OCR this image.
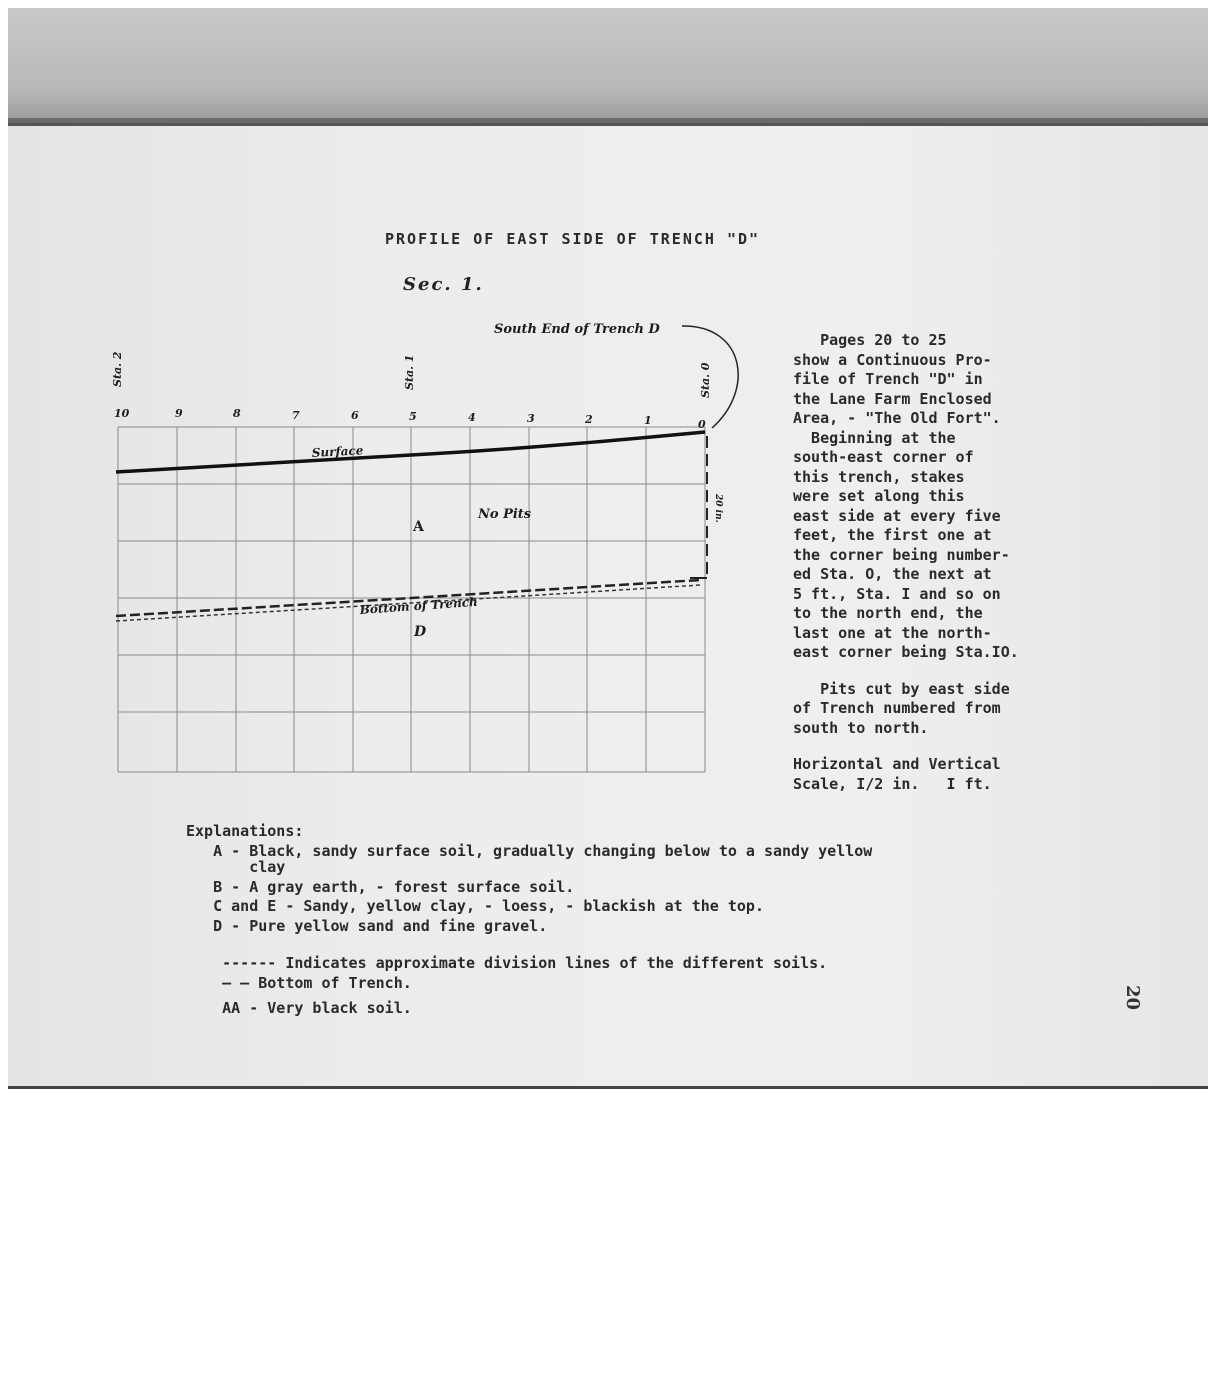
PROFILE OF EAST SIDE OF TRENCH "D"
Sec. 1.
South End of Trench D
Sta. 2	Sta. 1	Sta. 0
10	9	8	7	6	5	4	3	2	1	0
Surface
Bottom of Trench
No Pits
A
D
20 in.

Pages 20 to 25

show a Continuous Pro-

file of Trench "D" in

the Lane Farm Enclosed

Area, - "The Old Fort".

Beginning at the

south-east corner of

this trench, stakes

were set along this

east side at every five

feet, the first one at

the corner being number-

ed Sta. O, the next at

5 ft., Sta. I and so on

to the north end, the

last one at the north-

east corner being Sta.IO.

Pits cut by east side

of Trench numbered from

south to north.

Horizontal and Vertical

Scale, I/2 in.   I ft.

Explanations:
A - Black, sandy surface soil, gradually changing below to a sandy yellow
clay
B - A gray earth, - forest surface soil.
C and E - Sandy, yellow clay, - loess, - blackish at the top.
D - Pure yellow sand and fine gravel.
------ Indicates approximate division lines of the different soils.
— — Bottom of Trench.
AA - Very black soil.	20
